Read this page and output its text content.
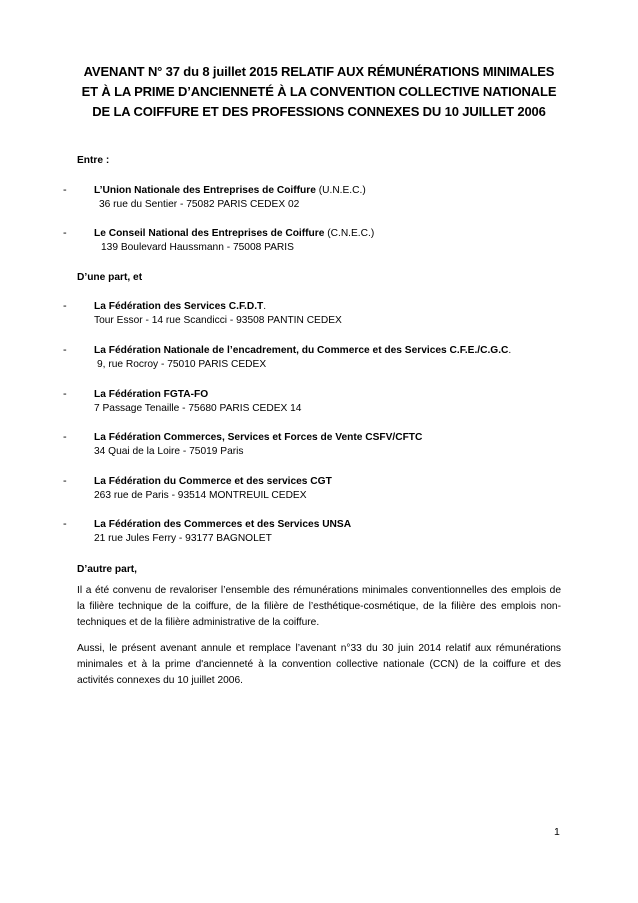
AVENANT N° 37 du 8 juillet 2015 RELATIF AUX RÉMUNÉRATIONS MINIMALES
ET À LA PRIME D’ANCIENNETÉ À LA CONVENTION COLLECTIVE NATIONALE
DE LA COIFFURE ET DES PROFESSIONS CONNEXES DU 10 JUILLET 2006
Entre :
-	L’Union Nationale des Entreprises de Coiffure (U.N.E.C.)
36 rue du Sentier - 75082 PARIS CEDEX 02
-	Le Conseil National des Entreprises de Coiffure (C.N.E.C.)
139 Boulevard Haussmann - 75008 PARIS
D’une part, et
-	La Fédération des Services C.F.D.T.
Tour Essor - 14 rue Scandicci - 93508 PANTIN CEDEX
-	La Fédération Nationale de l’encadrement, du Commerce et des Services C.F.E./C.G.C.
9, rue Rocroy - 75010 PARIS CEDEX
-	La Fédération FGTA-FO
7 Passage Tenaille - 75680 PARIS CEDEX 14
-	La Fédération Commerces, Services et Forces de Vente CSFV/CFTC
34 Quai de la Loire - 75019 Paris
-	La Fédération du Commerce et des services CGT
263 rue de Paris - 93514 MONTREUIL CEDEX
-	La Fédération des Commerces et des Services UNSA
21 rue Jules Ferry - 93177 BAGNOLET
D’autre part,
Il a été convenu de revaloriser l’ensemble des rémunérations minimales conventionnelles des emplois de la filière technique de la coiffure, de la filière de l’esthétique-cosmétique, de la filière des emplois non-techniques et de la filière administrative de la coiffure.
Aussi, le présent avenant annule et remplace l’avenant n°33 du 30 juin 2014 relatif aux rémunérations minimales et à la prime d'ancienneté à la convention collective nationale (CCN) de la coiffure et des activités connexes du 10 juillet 2006.
1
